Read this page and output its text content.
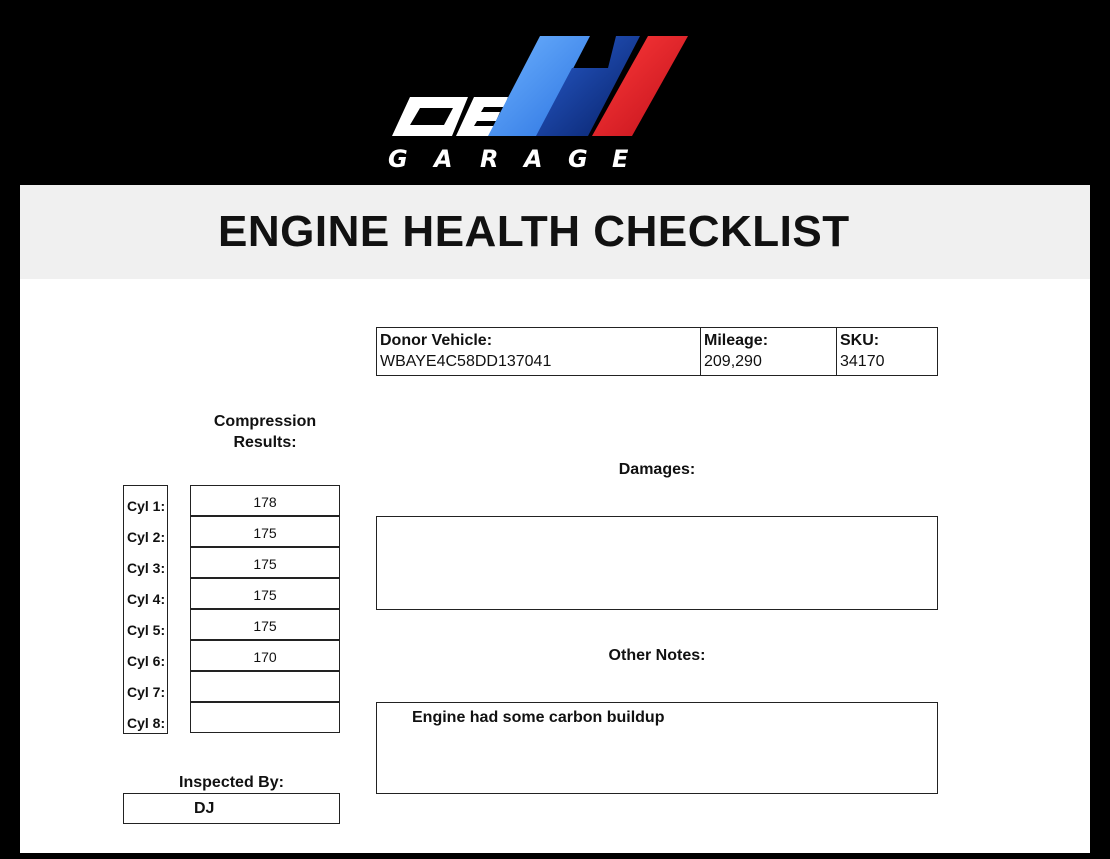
G A R A G E
ENGINE HEALTH CHECKLIST
Donor Vehicle:
WBAYE4C58DD137041
Mileage:
209,290
SKU:
34170
Compression
Results:
Cyl 1:	178
Cyl 2:	175
Cyl 3:	175
Cyl 4:	175
Cyl 5:	175
Cyl 6:	170
Cyl 7:
Cyl 8:
Damages:
Other Notes:
Engine had some carbon buildup
Inspected By:
DJ
